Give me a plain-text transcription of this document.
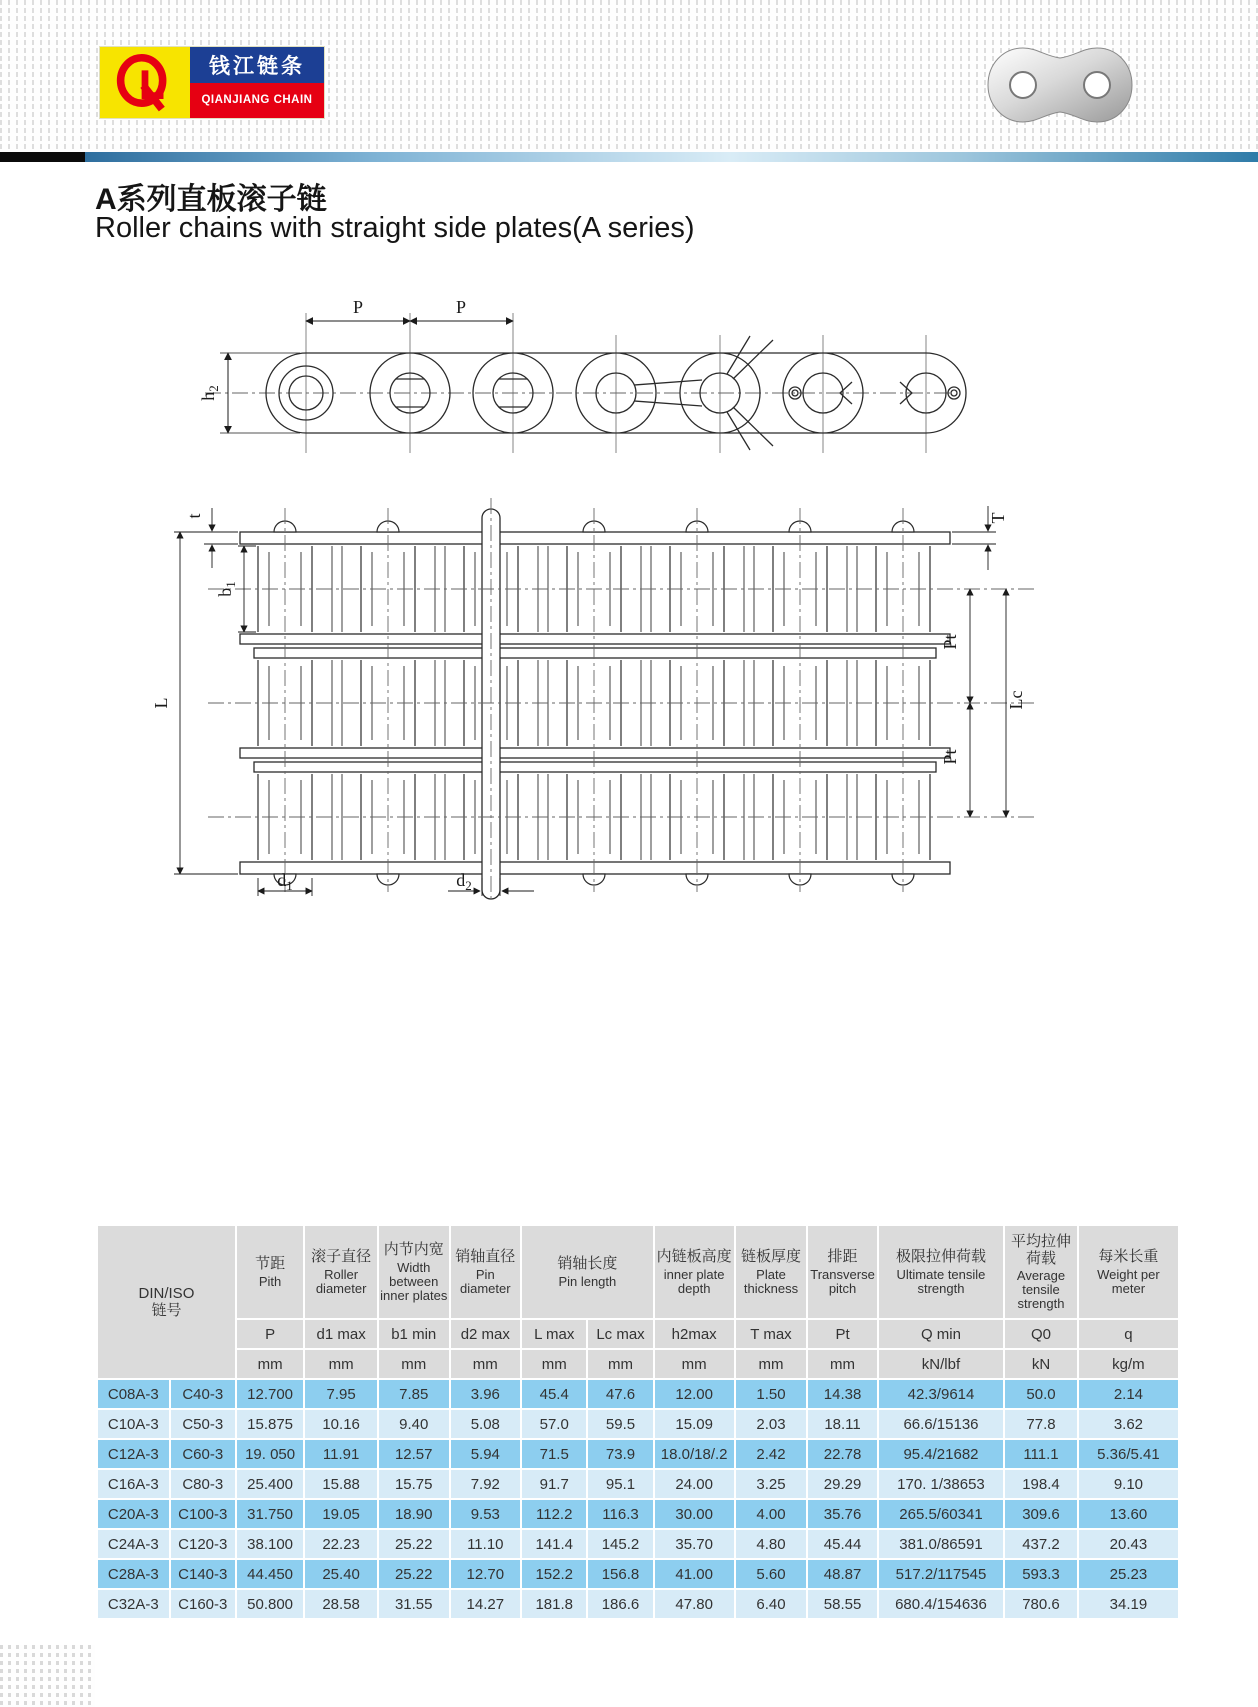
钱江链条
QIANJIANG CHAIN
A系列直板滚子链
Roller chains with straight side plates(A series)
P	P
$h_2$
L
t
$b_1$
T
Pt
Pt
Lc
$d_1$	$d_2$
DIN/ISO
链号

节距
Pith

滚子直径
Roller diameter

内节内宽
Width between inner plates

销轴直径
Pin diameter

销轴长度
Pin length

内链板高度
inner plate depth

链板厚度
Plate thickness

排距
Transverse pitch

极限拉伸荷载
Ultimate tensile strength

平均拉伸荷载
Average tensile strength

每米长重
Weight per meter

		P	d1 max	b1 min	d2 max	L max	Lc max	h2max	T max	Pt	Q min	Q0	q
		mm	mm	mm	mm	mm	mm	mm	mm	mm	kN/lbf	kN	kg/m
C08A-3	C40-3	12.700	7.95	7.85	3.96	45.4	47.6	12.00	1.50	14.38	42.3/9614	50.0	2.14
C10A-3	C50-3	15.875	10.16	9.40	5.08	57.0	59.5	15.09	2.03	18.11	66.6/15136	77.8	3.62
C12A-3	C60-3	19. 050	11.91	12.57	5.94	71.5	73.9	18.0/18/.2	2.42	22.78	95.4/21682	111.1	5.36/5.41
C16A-3	C80-3	25.400	15.88	15.75	7.92	91.7	95.1	24.00	3.25	29.29	170. 1/38653	198.4	9.10
C20A-3	C100-3	31.750	19.05	18.90	9.53	112.2	116.3	30.00	4.00	35.76	265.5/60341	309.6	13.60
C24A-3	C120-3	38.100	22.23	25.22	11.10	141.4	145.2	35.70	4.80	45.44	381.0/86591	437.2	20.43
C28A-3	C140-3	44.450	25.40	25.22	12.70	152.2	156.8	41.00	5.60	48.87	517.2/117545	593.3	25.23
C32A-3	C160-3	50.800	28.58	31.55	14.27	181.8	186.6	47.80	6.40	58.55	680.4/154636	780.6	34.19
